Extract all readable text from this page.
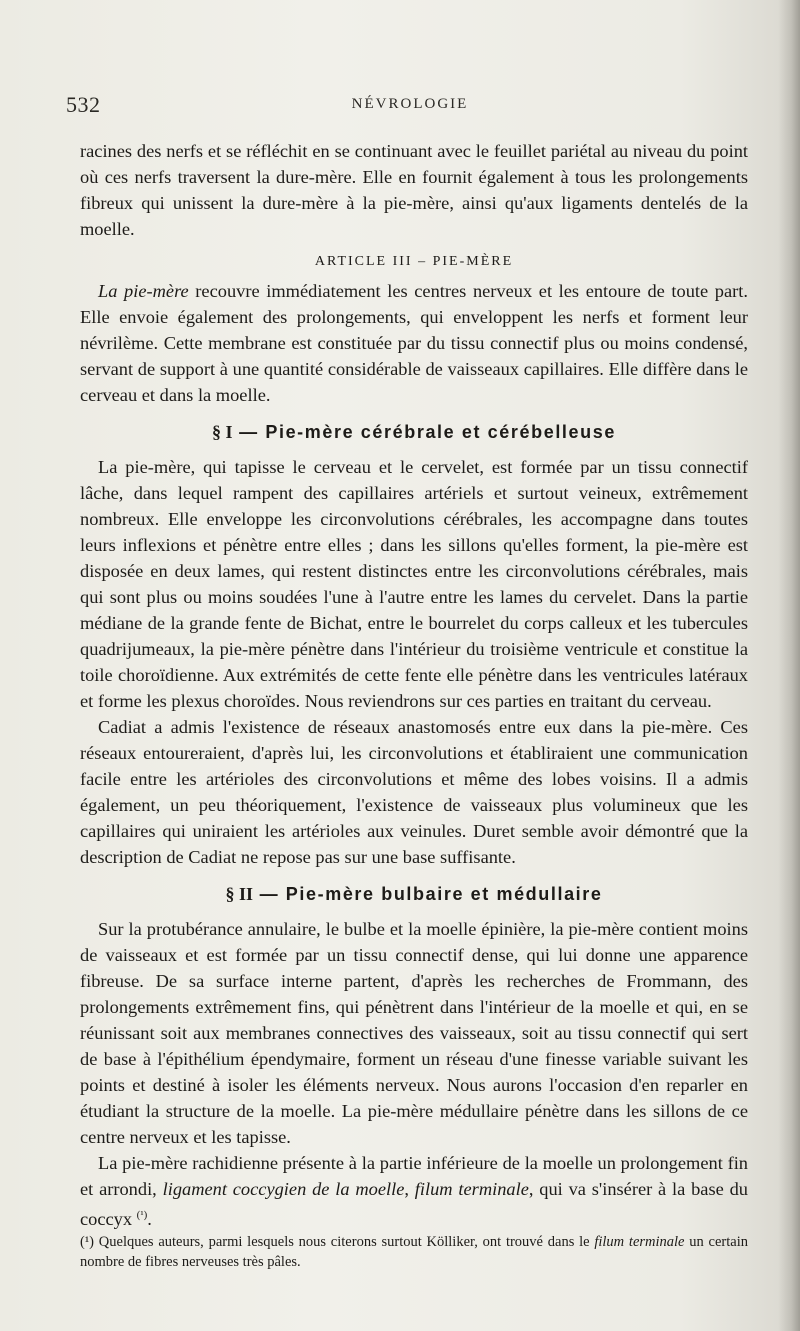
532	NÉVROLOGIE

racines des nerfs et se réfléchit en se continuant avec le feuillet pariétal au niveau du point où ces nerfs traversent la dure-mère. Elle en fournit également à tous les prolongements fibreux qui unissent la dure-mère à la pie-mère, ainsi qu'aux ligaments dentelés de la moelle.

ARTICLE III – PIE-MÈRE

La pie-mère recouvre immédiatement les centres nerveux et les entoure de toute part. Elle envoie également des prolongements, qui enveloppent les nerfs et forment leur névrilème. Cette membrane est constituée par du tissu connectif plus ou moins condensé, servant de support à une quantité considérable de vaisseaux capillaires. Elle diffère dans le cerveau et dans la moelle.

§ I — Pie-mère cérébrale et cérébelleuse

La pie-mère, qui tapisse le cerveau et le cervelet, est formée par un tissu connectif lâche, dans lequel rampent des capillaires artériels et surtout veineux, extrêmement nombreux. Elle enveloppe les circonvolutions cérébrales, les accompagne dans toutes leurs inflexions et pénètre entre elles ; dans les sillons qu'elles forment, la pie-mère est disposée en deux lames, qui restent distinctes entre les circonvolutions cérébrales, mais qui sont plus ou moins soudées l'une à l'autre entre les lames du cervelet. Dans la partie médiane de la grande fente de Bichat, entre le bourrelet du corps calleux et les tubercules quadrijumeaux, la pie-mère pénètre dans l'intérieur du troisième ventricule et constitue la toile choroïdienne. Aux extrémités de cette fente elle pénètre dans les ventricules latéraux et forme les plexus choroïdes. Nous reviendrons sur ces parties en traitant du cerveau.

Cadiat a admis l'existence de réseaux anastomosés entre eux dans la pie-mère. Ces réseaux entoureraient, d'après lui, les circonvolutions et établiraient une communication facile entre les artérioles des circonvolutions et même des lobes voisins. Il a admis également, un peu théoriquement, l'existence de vaisseaux plus volumineux que les capillaires qui uniraient les artérioles aux veinules. Duret semble avoir démontré que la description de Cadiat ne repose pas sur une base suffisante.

§ II — Pie-mère bulbaire et médullaire

Sur la protubérance annulaire, le bulbe et la moelle épinière, la pie-mère contient moins de vaisseaux et est formée par un tissu connectif dense, qui lui donne une apparence fibreuse. De sa surface interne partent, d'après les recherches de Frommann, des prolongements extrêmement fins, qui pénètrent dans l'intérieur de la moelle et qui, en se réunissant soit aux membranes connectives des vaisseaux, soit au tissu connectif qui sert de base à l'épithélium épendymaire, forment un réseau d'une finesse variable suivant les points et destiné à isoler les éléments nerveux. Nous aurons l'occasion d'en reparler en étudiant la structure de la moelle. La pie-mère médullaire pénètre dans les sillons de ce centre nerveux et les tapisse.

La pie-mère rachidienne présente à la partie inférieure de la moelle un prolongement fin et arrondi, ligament coccygien de la moelle, filum terminale, qui va s'insérer à la base du coccyx $^{(^1)}$.

(¹) Quelques auteurs, parmi lesquels nous citerons surtout Kölliker, ont trouvé dans le filum terminale un certain nombre de fibres nerveuses très pâles.
